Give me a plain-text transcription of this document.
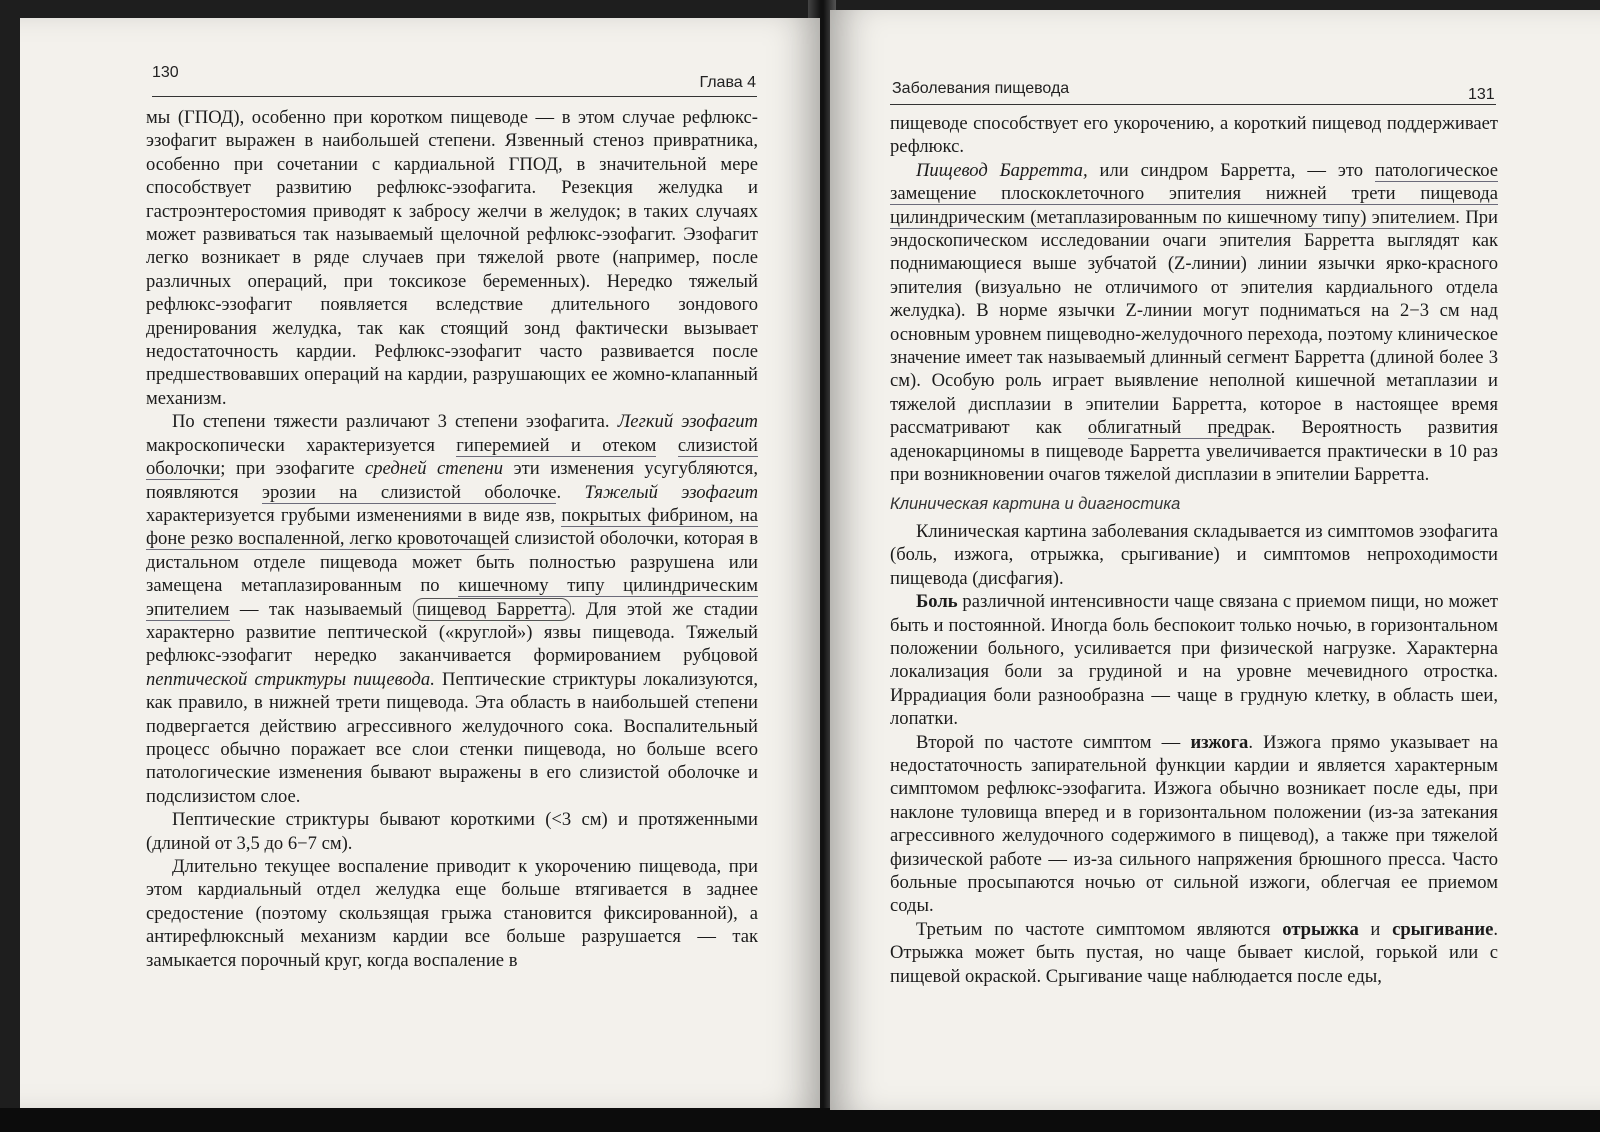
130
Глава 4

мы (ГПОД), особенно при коротком пищеводе — в этом случае рефлюкс-эзофагит выражен в наибольшей степени. Язвенный стеноз привратника, особенно при сочетании с кардиальной ГПОД, в значительной мере способствует развитию рефлюкс-эзофагита. Резекция желудка и гастроэнтеростомия приводят к забросу желчи в желудок; в таких случаях может развиваться так называемый щелочной рефлюкс-эзофагит. Эзофагит легко возникает в ряде случаев при тяжелой рвоте (например, после различных операций, при токсикозе беременных). Нередко тяжелый рефлюкс-эзофагит появляется вследствие длительного зондового дренирования желудка, так как стоящий зонд фактически вызывает недостаточность кардии. Рефлюкс-эзофагит часто развивается после предшествовавших операций на кардии, разрушающих ее жомно-клапанный механизм.

По степени тяжести различают 3 степени эзофагита. Легкий эзофагит макроскопически характеризуется гиперемией и отеком слизистой оболочки; при эзофагите средней степени эти изменения усугубляются, появляются эрозии на слизистой оболочке. Тяжелый эзофагит характеризуется грубыми изменениями в виде язв, покрытых фибрином, на фоне резко воспаленной, легко кровоточащей слизистой оболочки, которая в дистальном отделе пищевода может быть полностью разрушена или замещена метаплазированным по кишечному типу цилиндрическим эпителием — так называемый пищевод Барретта . Для этой же стадии характерно развитие пептической («круглой») язвы пищевода. Тяжелый рефлюкс-эзофагит нередко заканчивается формированием рубцовой пептической стриктуры пищевода. Пептические стриктуры локализуются, как правило, в нижней трети пищевода. Эта область в наибольшей степени подвергается действию агрессивного желудочного сока. Воспалительный процесс обычно поражает все слои стенки пищевода, но больше всего патологические изменения бывают выражены в его слизистой оболочке и подслизистом слое.

Пептические стриктуры бывают короткими (<3 см) и протяженными (длиной от 3,5 до 6−7 см).

Длительно текущее воспаление приводит к укорочению пищевода, при этом кардиальный отдел желудка еще больше втягивается в заднее средостение (поэтому скользящая грыжа становится фиксированной), а антирефлюксный механизм кардии все больше разрушается — так замыкается порочный круг, когда воспаление в

Заболевания пищевода	131

пищеводе способствует его укорочению, а короткий пищевод поддерживает рефлюкс.

Пищевод Барретта, или синдром Барретта, — это патологическое замещение плоскоклеточного эпителия нижней трети пищевода цилиндрическим (метаплазированным по кишечному типу) эпителием. При эндоскопическом исследовании очаги эпителия Барретта выглядят как поднимающиеся выше зубчатой (Z-линии) линии язычки ярко-красного эпителия (визуально не отличимого от эпителия кардиального отдела желудка). В норме язычки Z-линии могут подниматься на 2−3 см над основным уровнем пищеводно-желудочного перехода, поэтому клиническое значение имеет так называемый длинный сегмент Барретта (длиной более 3 см). Особую роль играет выявление неполной кишечной метаплазии и тяжелой дисплазии в эпителии Барретта, которое в настоящее время рассматривают как облигатный предрак. Вероятность развития аденокарциномы в пищеводе Барретта увеличивается практически в 10 раз при возникновении очагов тяжелой дисплазии в эпителии Барретта.

Клиническая картина и диагностика

Клиническая картина заболевания складывается из симптомов эзофагита (боль, изжога, отрыжка, срыгивание) и симптомов непроходимости пищевода (дисфагия).

Боль различной интенсивности чаще связана с приемом пищи, но может быть и постоянной. Иногда боль беспокоит только ночью, в горизонтальном положении больного, усиливается при физической нагрузке. Характерна локализация боли за грудиной и на уровне мечевидного отростка. Иррадиация боли разнообразна — чаще в грудную клетку, в область шеи, лопатки.

Второй по частоте симптом — изжога. Изжога прямо указывает на недостаточность запирательной функции кардии и является характерным симптомом рефлюкс-эзофагита. Изжога обычно возникает после еды, при наклоне туловища вперед и в горизонтальном положении (из-за затекания агрессивного желудочного содержимого в пищевод), а также при тяжелой физической работе — из-за сильного напряжения брюшного пресса. Часто больные просыпаются ночью от сильной изжоги, облегчая ее приемом соды.

Третьим по частоте симптомом являются отрыжка и срыгивание. Отрыжка может быть пустая, но чаще бывает кислой, горькой или с пищевой окраской. Срыгивание чаще наблюдается после еды,
